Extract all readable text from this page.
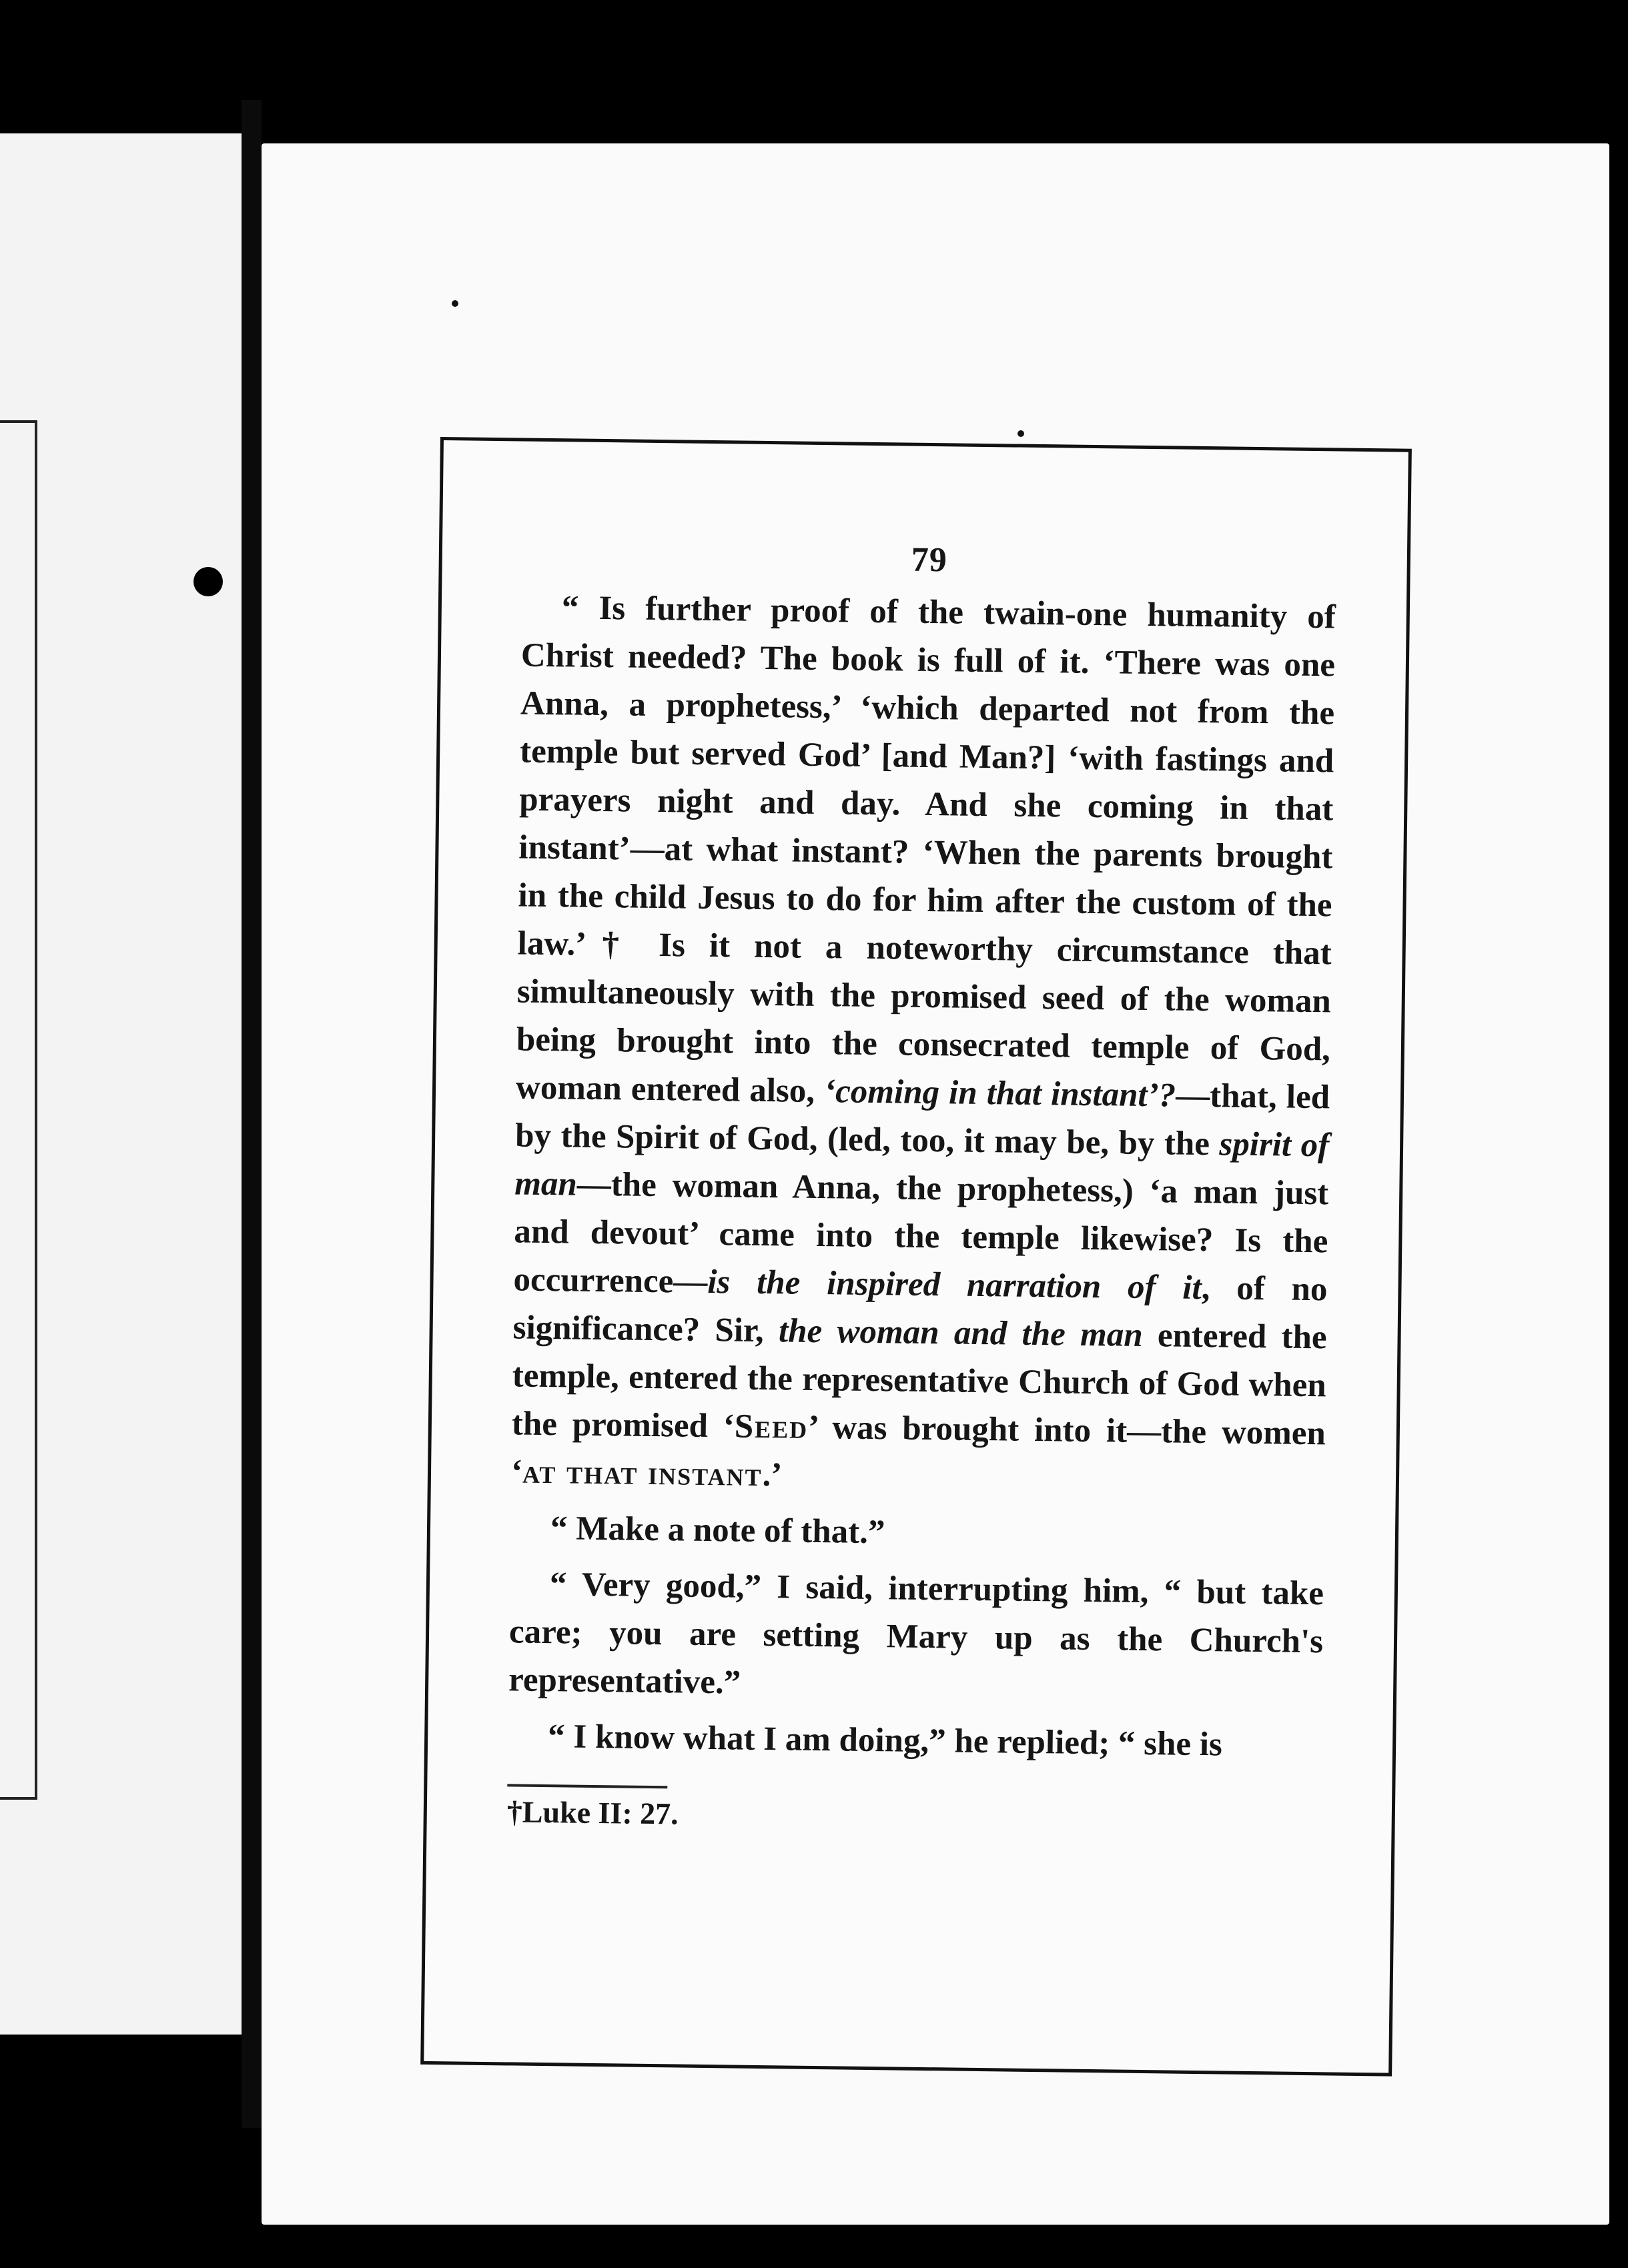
79

“ Is further proof of the twain-one humanity of Christ needed? The book is full of it. ‘There was one Anna, a prophetess,’ ‘which departed not from the temple but served God’ [and Man?] ‘with fastings and prayers night and day. And she coming in that instant’—at what instant? ‘When the parents brought in the child Jesus to do for him after the custom of the law.’† Is it not a noteworthy circumstance that simultaneously with the promised seed of the woman being brought into the consecrated temple of God, woman entered also, ‘coming in that instant’?—that, led by the Spirit of God, (led, too, it may be, by the spirit of man—the woman Anna, the prophetess,) ‘a man just and devout’ came into the temple likewise? Is the occurrence—is the inspired narration of it, of no significance? Sir, the woman and the man entered the temple, entered the representative Church of God when the promised ‘Seed’ was brought into it—the women ‘at that instant.’

“ Make a note of that.”

“ Very good,” I said, interrupting him, “ but take care; you are setting Mary up as the Church's representative.”

“ I know what I am doing,” he replied; “ she is

†Luke II: 27.
